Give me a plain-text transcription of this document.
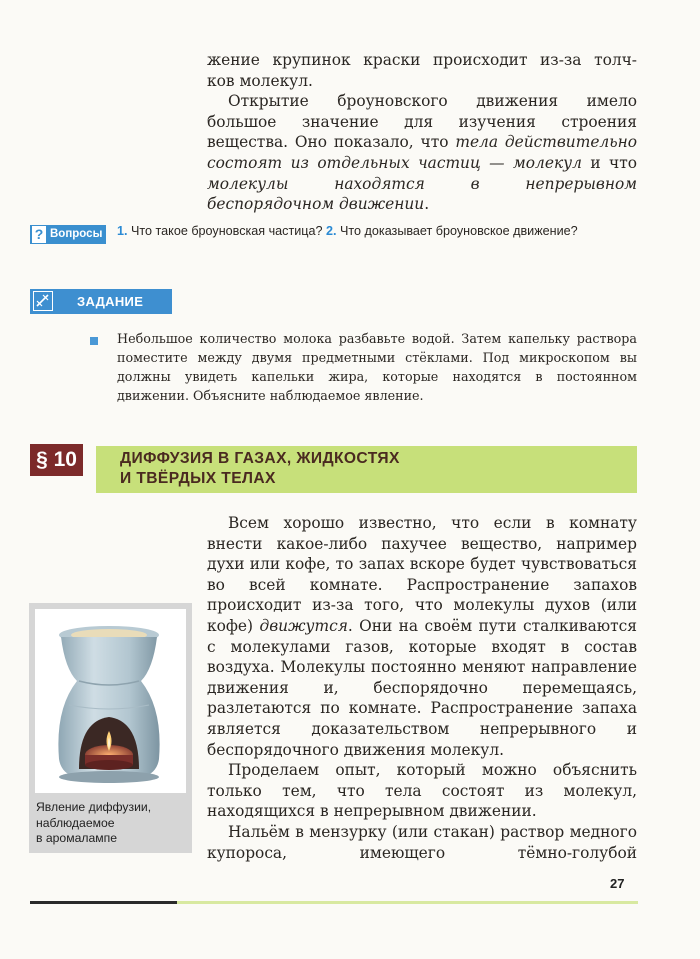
жение крупинок краски происходит из-за толч-

ков молекул.

Открытие броуновского движения имело большое значение для изучения строения вещества. Оно показало, что тела действительно состоят из отдельных частиц — молекул и что молекулы находятся в непрерывном беспорядочном движении.

? Вопросы 1. Что такое броуновская частица? 2. Что доказывает броуновское движение?
ЗАДАНИЕ
Небольшое количество молока разбавьте водой. Затем капельку раствора поместите между двумя предметными стёклами. Под микроскопом вы должны увидеть капельки жира, которые находятся в постоянном движении. Объясните наблюдаемое явление.
§ 10	ДИФФУЗИЯ В ГАЗАХ, ЖИДКОСТЯХ
И ТВЁРДЫХ ТЕЛАХ

Всем хорошо известно, что если в комнату внести какое-либо пахучее вещество, например духи или кофе, то запах вскоре будет чувствоваться во всей комнате. Распространение запахов происходит из-за того, что молекулы духов (или кофе) движутся. Они на своём пути сталкиваются с молекулами газов, которые входят в состав воздуха. Молекулы постоянно меняют направление движения и, беспорядочно перемещаясь, разлетаются по комнате. Распространение запаха является доказательством непрерывного и беспорядочного движения молекул.

Проделаем опыт, который можно объяснить только тем, что тела состоят из молекул, находящихся в непрерывном движении.

Нальём в мензурку (или стакан) раствор медного купороса, имеющего тёмно-голубой

Явление диффузии,
наблюдаемое
в аромалампе
27
